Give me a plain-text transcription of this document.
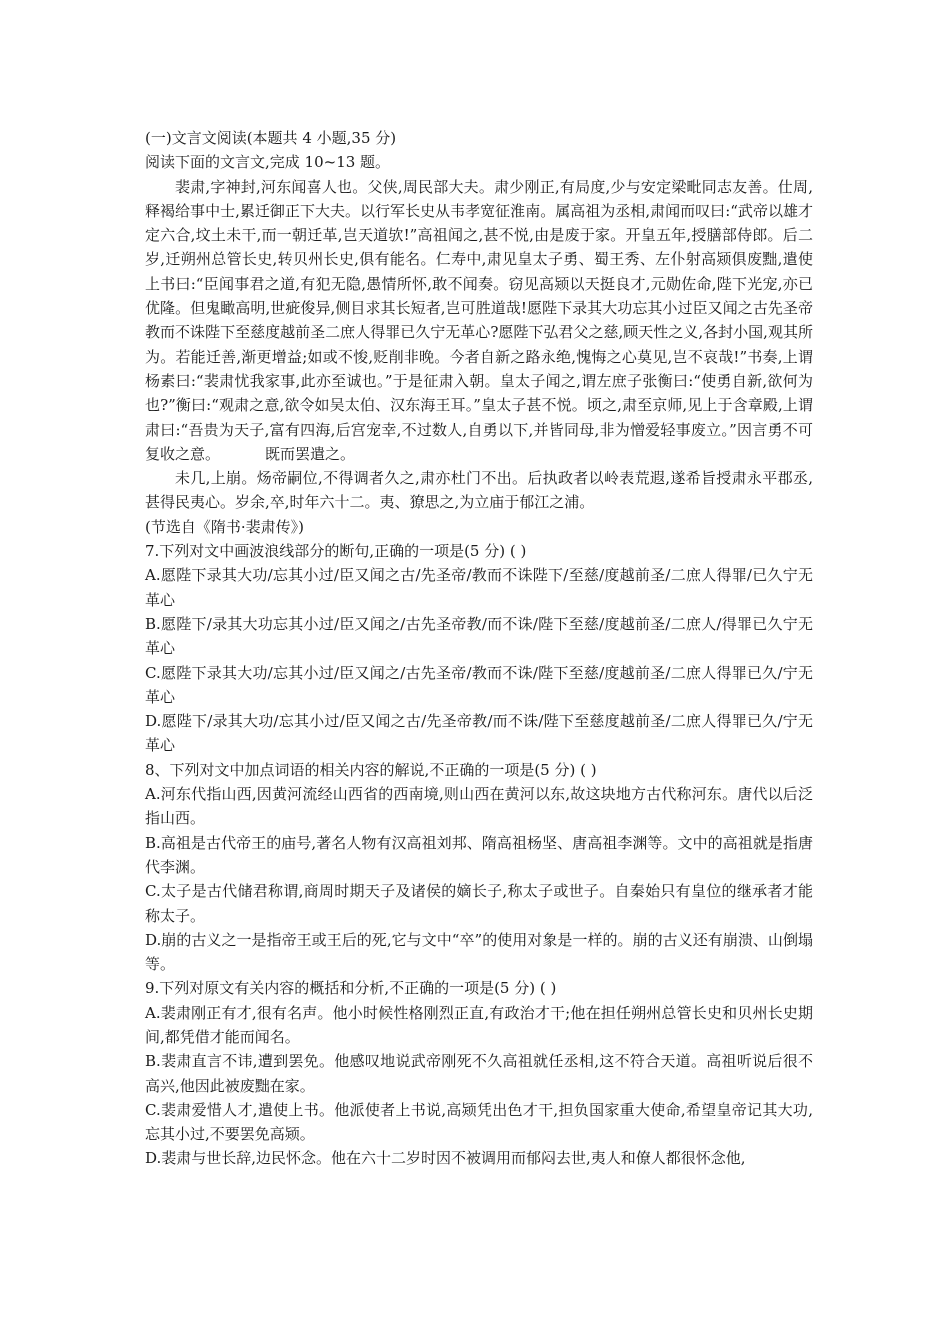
(一)文言文阅读(本题共 4 小题,35 分)
阅读下面的文言文,完成 10~13 题。
裴肃,字神封,河东闻喜人也。父侠,周民部大夫。肃少刚正,有局度,少与安定梁毗同志友善。仕周,释褐给事中士,累迁御正下大夫。以行军长史从韦孝宽征淮南。属高祖为丞相,肃闻而叹曰:“武帝以雄才定六合,坟土未干,而一朝迁革,岂天道欤!”高祖闻之,甚不悦,由是废于家。开皇五年,授膳部侍郎。后二岁,迁朔州总管长史,转贝州长史,俱有能名。仁寿中,肃见皇太子勇、蜀王秀、左仆射高颎俱废黜,遣使上书曰:“臣闻事君之道,有犯无隐,愚情所怀,敢不闻奏。窃见高颎以天挺良才,元勋佐命,陛下光宠,亦已优隆。但鬼瞰高明,世疵俊异,侧目求其长短者,岂可胜道哉!愿陛下录其大功忘其小过臣又闻之古先圣帝教而不诛陛下至慈度越前圣二庶人得罪已久宁无革心?愿陛下弘君父之慈,顾天性之义,各封小国,观其所为。若能迁善,渐更增益;如或不悛,贬削非晚。今者自新之路永绝,愧悔之心莫见,岂不哀哉!”书奏,上谓杨素曰:“裴肃忧我家事,此亦至诚也。”于是征肃入朝。皇太子闻之,谓左庶子张衡曰:“使勇自新,欲何为也?”衡曰:“观肃之意,欲令如吴太伯、汉东海王耳。”皇太子甚不悦。顷之,肃至京师,见上于含章殿,上谓肃曰:“吾贵为天子,富有四海,后宫宠幸,不过数人,自勇以下,并皆同母,非为憎爱轻事废立。”因言勇不可复收之意。	既而罢遣之。
未几,上崩。炀帝嗣位,不得调者久之,肃亦杜门不出。后执政者以岭表荒遐,遂希旨授肃永平郡丞,甚得民夷心。岁余,卒,时年六十二。夷、獠思之,为立庙于郁江之浦。
(节选自《隋书·裴肃传》)
7.下列对文中画波浪线部分的断句,正确的一项是(5 分) ( )
A.愿陛下录其大功/忘其小过/臣又闻之古/先圣帝/教而不诛陛下/至慈/度越前圣/二庶人得罪/已久宁无革心
B.愿陛下/录其大功忘其小过/臣又闻之/古先圣帝教/而不诛/陛下至慈/度越前圣/二庶人/得罪已久宁无革心
C.愿陛下录其大功/忘其小过/臣又闻之/古先圣帝/教而不诛/陛下至慈/度越前圣/二庶人得罪已久/宁无革心
D.愿陛下/录其大功/忘其小过/臣又闻之古/先圣帝教/而不诛/陛下至慈度越前圣/二庶人得罪已久/宁无革心
8、下列对文中加点词语的相关内容的解说,不正确的一项是(5 分) ( )
A.河东代指山西,因黄河流经山西省的西南境,则山西在黄河以东,故这块地方古代称河东。唐代以后泛指山西。
B.高祖是古代帝王的庙号,著名人物有汉高祖刘邦、隋高祖杨坚、唐高祖李渊等。文中的高祖就是指唐代李渊。
C.太子是古代储君称谓,商周时期天子及诸侯的嫡长子,称太子或世子。自秦始只有皇位的继承者才能称太子。
D.崩的古义之一是指帝王或王后的死,它与文中“卒”的使用对象是一样的。崩的古义还有崩溃、山倒塌等。
9.下列对原文有关内容的概括和分析,不正确的一项是(5 分) ( )
A.裴肃刚正有才,很有名声。他小时候性格刚烈正直,有政治才干;他在担任朔州总管长史和贝州长史期间,都凭借才能而闻名。
B.裴肃直言不讳,遭到罢免。他感叹地说武帝刚死不久高祖就任丞相,这不符合天道。高祖听说后很不高兴,他因此被废黜在家。
C.裴肃爱惜人才,遣使上书。他派使者上书说,高颎凭出色才干,担负国家重大使命,希望皇帝记其大功,忘其小过,不要罢免高颎。
D.裴肃与世长辞,边民怀念。他在六十二岁时因不被调用而郁闷去世,夷人和僚人都很怀念他,
